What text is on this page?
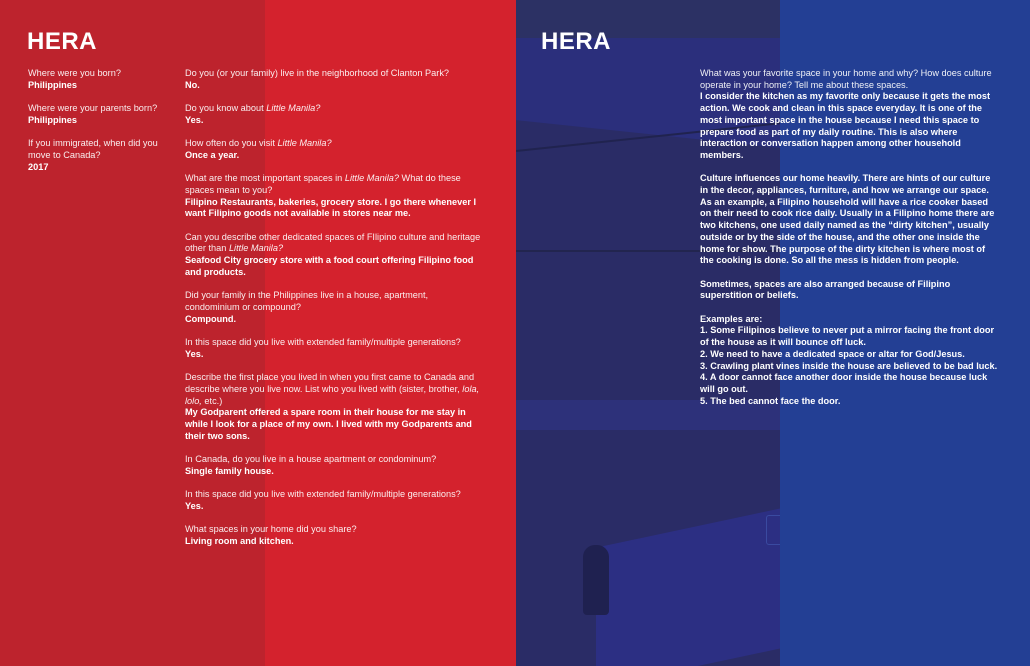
HERA	HERA
Where were you born?
Philippines
Where were your parents born?
Philippines
If you immigrated, when did you move to Canada?
2017
Do you (or your family) live in the neighborhood of Clanton Park?
No.
Do you know about Little Manila?
Yes.
How often do you visit Little Manila?
Once a year.
What are the most important spaces in Little Manila? What do these spaces mean to you?
Filipino Restaurants, bakeries, grocery store. I go there whenever I want Filipino goods not available in stores near me.
Can you describe other dedicated spaces of FIlipino culture and heritage other than Little Manila?
Seafood City grocery store with a food court offering Filipino food and products.
Did your family in the Philippines live in a house, apartment, condominium or compound?
Compound.
In this space did you live with extended family/multiple generations?
Yes.
Describe the first place you lived in when you first came to Canada and describe where you live now. List who you lived with (sister, brother, lola, lolo, etc.)
My Godparent offered a spare room in their house for me stay in while I look for a place of my own. I lived with my Godparents and their two sons.
In Canada, do you live in a house apartment or condominum?
Single family house.
In this space did you live with extended family/multiple generations?
Yes.
What spaces in your home did you share?
Living room and kitchen.
What was your favorite space in your home and why? How does culture operate in your home? Tell me about these spaces.
I consider the kitchen as my favorite only because it gets the most action. We cook and clean in this space everyday. It is one of the most important space in the house because I need this space to prepare food as part of my daily routine. This is also where interaction or conversation happen among other household members.
Culture influences our home heavily. There are hints of our culture in the decor, appliances, furniture, and how we arrange our space. As an example, a Filipino household will have a rice cooker based on their need to cook rice daily. Usually in a Filipino home there are two kitchens, one used daily named as the “dirty kitchen”, usually outside or by the side of the house, and the other one inside the home for show. The purpose of the dirty kitchen is where most of the cooking is done. So all the mess is hidden from people.
Sometimes, spaces are also arranged because of Filipino superstition or beliefs.
Examples are:
1. Some Filipinos believe to never put a mirror facing the front door of the house as it will bounce off luck.
2. We need to have a dedicated space or altar for God/Jesus.
3. Crawling plant vines inside the house are believed to be bad luck.
4. A door cannot face another door inside the house because luck will go out.
5. The bed cannot face the door.
